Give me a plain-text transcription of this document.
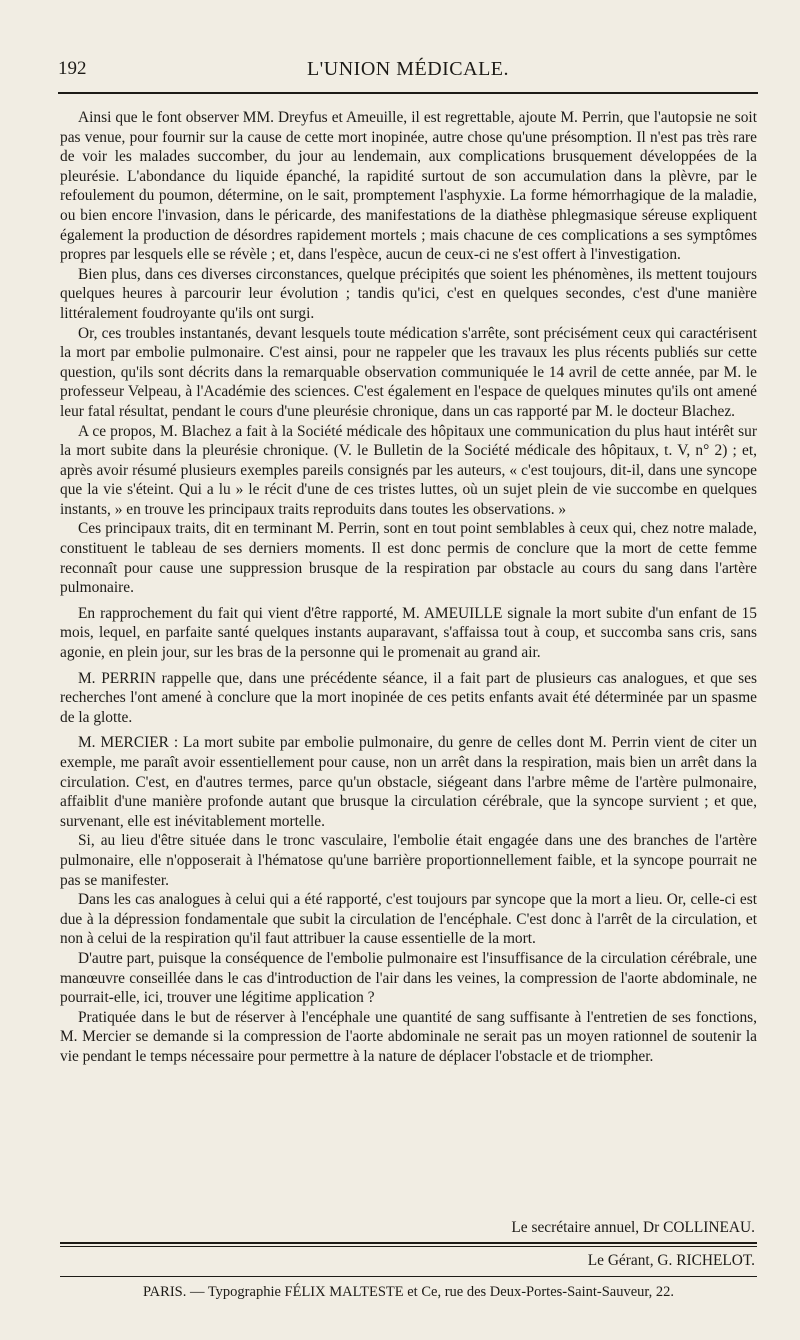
192	L'UNION MÉDICALE.

Ainsi que le font observer MM. Dreyfus et Ameuille, il est regrettable, ajoute M. Perrin, que l'autopsie ne soit pas venue, pour fournir sur la cause de cette mort inopinée, autre chose qu'une présomption. Il n'est pas très rare de voir les malades succomber, du jour au lendemain, aux complications brusquement développées de la pleurésie. L'abondance du liquide épanché, la rapidité surtout de son accumulation dans la plèvre, par le refoulement du poumon, détermine, on le sait, promptement l'asphyxie. La forme hémorrhagique de la maladie, ou bien encore l'invasion, dans le péricarde, des manifestations de la diathèse phlegmasique séreuse expliquent également la production de désordres rapidement mortels ; mais chacune de ces complications a ses symptômes propres par lesquels elle se révèle ; et, dans l'espèce, aucun de ceux-ci ne s'est offert à l'investigation.

Bien plus, dans ces diverses circonstances, quelque précipités que soient les phénomènes, ils mettent toujours quelques heures à parcourir leur évolution ; tandis qu'ici, c'est en quelques secondes, c'est d'une manière littéralement foudroyante qu'ils ont surgi.

Or, ces troubles instantanés, devant lesquels toute médication s'arrête, sont précisément ceux qui caractérisent la mort par embolie pulmonaire. C'est ainsi, pour ne rappeler que les travaux les plus récents publiés sur cette question, qu'ils sont décrits dans la remarquable observation communiquée le 14 avril de cette année, par M. le professeur Velpeau, à l'Académie des sciences. C'est également en l'espace de quelques minutes qu'ils ont amené leur fatal résultat, pendant le cours d'une pleurésie chronique, dans un cas rapporté par M. le docteur Blachez.

A ce propos, M. Blachez a fait à la Société médicale des hôpitaux une communication du plus haut intérêt sur la mort subite dans la pleurésie chronique. (V. le Bulletin de la Société médicale des hôpitaux, t. V, n° 2) ; et, après avoir résumé plusieurs exemples pareils consignés par les auteurs, « c'est toujours, dit-il, dans une syncope que la vie s'éteint. Qui a lu » le récit d'une de ces tristes luttes, où un sujet plein de vie succombe en quelques instants, » en trouve les principaux traits reproduits dans toutes les observations. »

Ces principaux traits, dit en terminant M. Perrin, sont en tout point semblables à ceux qui, chez notre malade, constituent le tableau de ses derniers moments. Il est donc permis de conclure que la mort de cette femme reconnaît pour cause une suppression brusque de la respiration par obstacle au cours du sang dans l'artère pulmonaire.

En rapprochement du fait qui vient d'être rapporté, M. AMEUILLE signale la mort subite d'un enfant de 15 mois, lequel, en parfaite santé quelques instants auparavant, s'affaissa tout à coup, et succomba sans cris, sans agonie, en plein jour, sur les bras de la personne qui le promenait au grand air.

M. PERRIN rappelle que, dans une précédente séance, il a fait part de plusieurs cas analogues, et que ses recherches l'ont amené à conclure que la mort inopinée de ces petits enfants avait été déterminée par un spasme de la glotte.

M. MERCIER : La mort subite par embolie pulmonaire, du genre de celles dont M. Perrin vient de citer un exemple, me paraît avoir essentiellement pour cause, non un arrêt dans la respiration, mais bien un arrêt dans la circulation. C'est, en d'autres termes, parce qu'un obstacle, siégeant dans l'arbre même de l'artère pulmonaire, affaiblit d'une manière profonde autant que brusque la circulation cérébrale, que la syncope survient ; et que, survenant, elle est inévitablement mortelle.

Si, au lieu d'être située dans le tronc vasculaire, l'embolie était engagée dans une des branches de l'artère pulmonaire, elle n'opposerait à l'hématose qu'une barrière proportionnellement faible, et la syncope pourrait ne pas se manifester.

Dans les cas analogues à celui qui a été rapporté, c'est toujours par syncope que la mort a lieu. Or, celle-ci est due à la dépression fondamentale que subit la circulation de l'encéphale. C'est donc à l'arrêt de la circulation, et non à celui de la respiration qu'il faut attribuer la cause essentielle de la mort.

D'autre part, puisque la conséquence de l'embolie pulmonaire est l'insuffisance de la circulation cérébrale, une manœuvre conseillée dans le cas d'introduction de l'air dans les veines, la compression de l'aorte abdominale, ne pourrait-elle, ici, trouver une légitime application ?

Pratiquée dans le but de réserver à l'encéphale une quantité de sang suffisante à l'entretien de ses fonctions, M. Mercier se demande si la compression de l'aorte abdominale ne serait pas un moyen rationnel de soutenir la vie pendant le temps nécessaire pour permettre à la nature de déplacer l'obstacle et de triompher.

Le secrétaire annuel, Dr COLLINEAU.
Le Gérant, G. RICHELOT.
PARIS. — Typographie FÉLIX MALTESTE et Ce, rue des Deux-Portes-Saint-Sauveur, 22.
